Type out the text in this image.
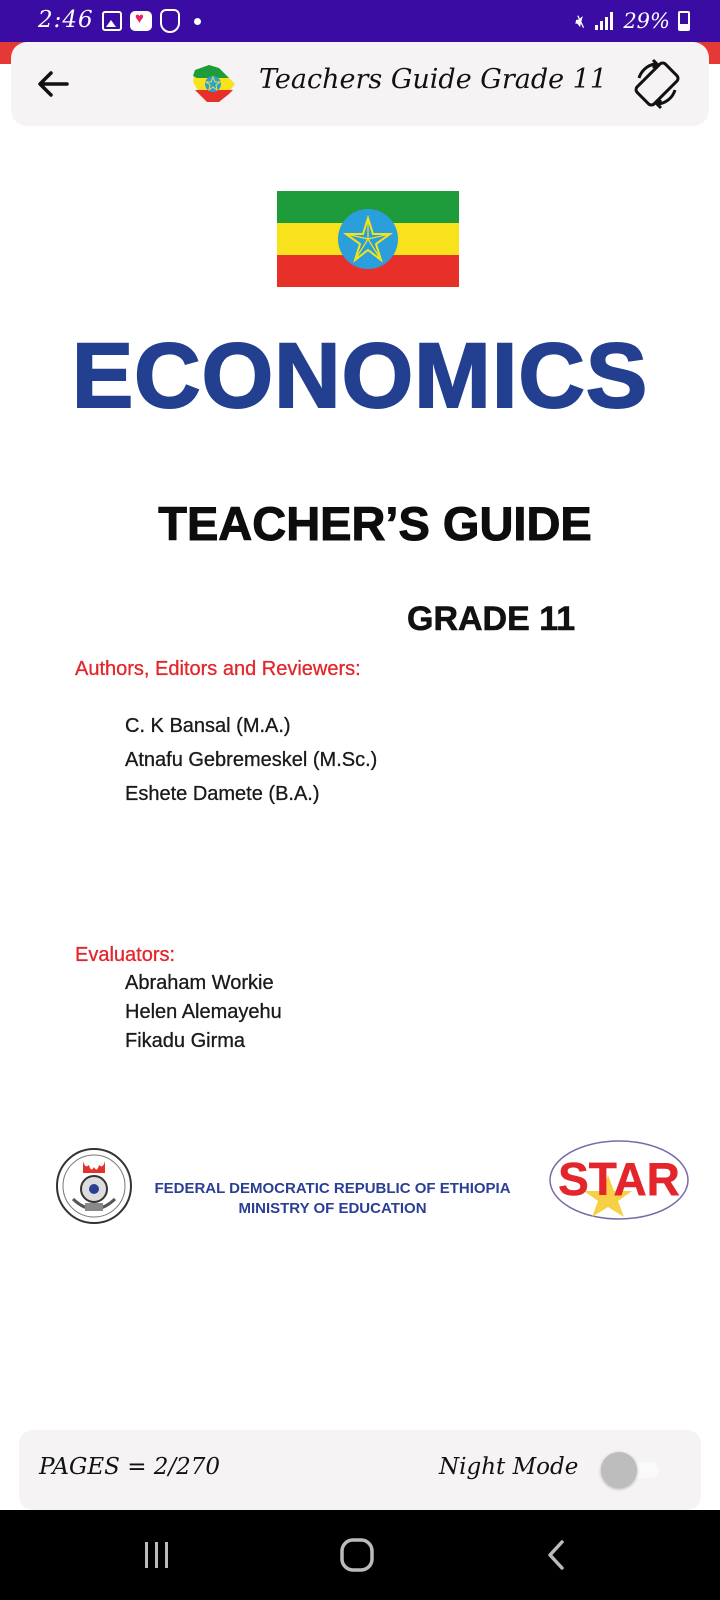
2:46
♥	🔇︎ 29%
Teachers Guide Grade 11
ECONOMICS
TEACHER’S GUIDE
GRADE 11
Authors, Editors and Reviewers:
C. K Bansal (M.A.)
Atnafu Gebremeskel (M.Sc.)
Eshete Damete (B.A.)
Evaluators:
Abraham Workie
Helen Alemayehu
Fikadu Girma
FEDERAL DEMOCRATIC REPUBLIC OF ETHIOPIA
MINISTRY OF EDUCATION
STAR
PAGES = 2/270	Night Mode
